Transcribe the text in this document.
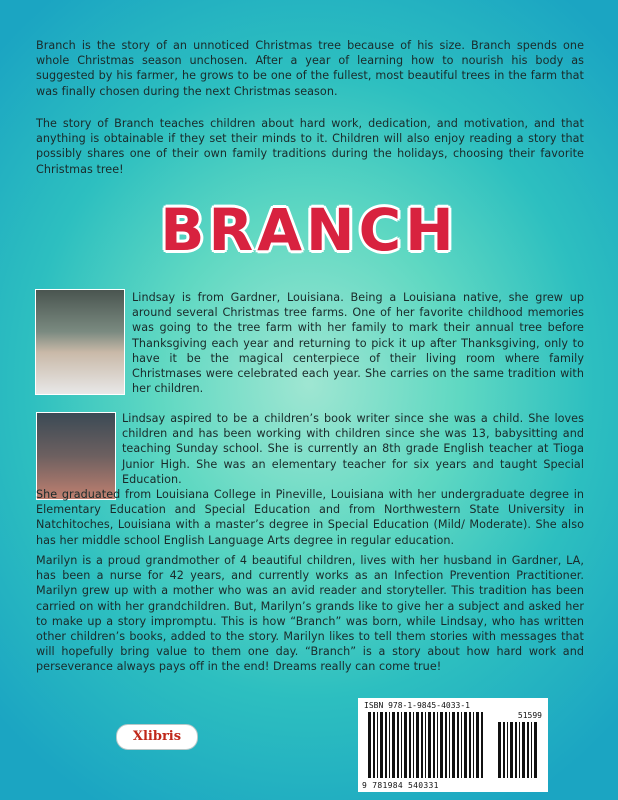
Branch is the story of an unnoticed Christmas tree because of his size. Branch spends one whole Christmas season unchosen. After a year of learning how to nourish his body as suggested by his farmer, he grows to be one of the fullest, most beautiful trees in the farm that was finally chosen during the next Christmas season.
The story of Branch teaches children about hard work, dedication, and motivation, and that anything is obtainable if they set their minds to it. Children will also enjoy reading a story that possibly shares one of their own family traditions during the holidays, choosing their favorite Christmas tree!
BRANCH
Lindsay is from Gardner, Louisiana. Being a Louisiana native, she grew up around several Christmas tree farms. One of her favorite childhood memories was going to the tree farm with her family to mark their annual tree before Thanksgiving each year and returning to pick it up after Thanksgiving, only to have it be the magical centerpiece of their living room where family Christmases were celebrated each year. She carries on the same tradition with her children.
Lindsay aspired to be a children’s book writer since she was a child. She loves children and has been working with children since she was 13, babysitting and teaching Sunday school. She is currently an 8th grade English teacher at Tioga Junior High. She was an elementary teacher for six years and taught Special Education.
She graduated from Louisiana College in Pineville, Louisiana with her undergraduate degree in Elementary Education and Special Education and from Northwestern State University in Natchitoches, Louisiana with a master’s degree in Special Education (Mild/ Moderate). She also has her middle school English Language Arts degree in regular education.
Marilyn is a proud grandmother of 4 beautiful children, lives with her husband in Gardner, LA, has been a nurse for 42 years, and currently works as an Infection Prevention Practitioner. Marilyn grew up with a mother who was an avid reader and storyteller. This tradition has been carried on with her grandchildren. But, Marilyn’s grands like to give her a subject and asked her to make up a story impromptu. This is how “Branch” was born, while Lindsay, who has written other children’s books, added to the story. Marilyn likes to tell them stories with messages that will hopefully bring value to them one day. “Branch” is a story about how hard work and perseverance always pays off in the end! Dreams really can come true!
Xlibris
ISBN 978-1-9845-4033-1
51599
9 781984 540331
